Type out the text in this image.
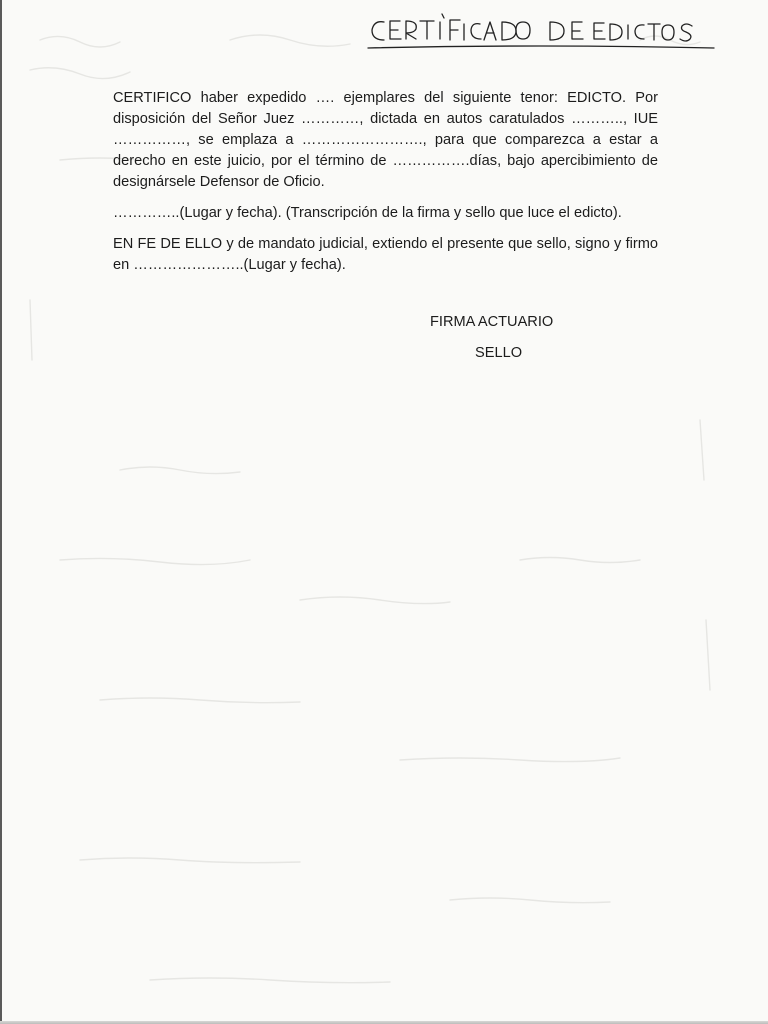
CERTIFICO haber expedido …. ejemplares del siguiente tenor: EDICTO. Por disposición del Señor Juez …………, dictada en autos caratulados ……….., IUE ……………, se emplaza a ……………………., para que comparezca a estar a derecho en este juicio, por el término de …………….días, bajo apercibimiento de designársele Defensor de Oficio.

…………..(Lugar y fecha). (Transcripción de la firma y sello que luce el edicto).

EN FE DE ELLO y de mandato judicial, extiendo el presente que sello, signo y firmo en …………………..(Lugar y fecha).

FIRMA ACTUARIO

SELLO
